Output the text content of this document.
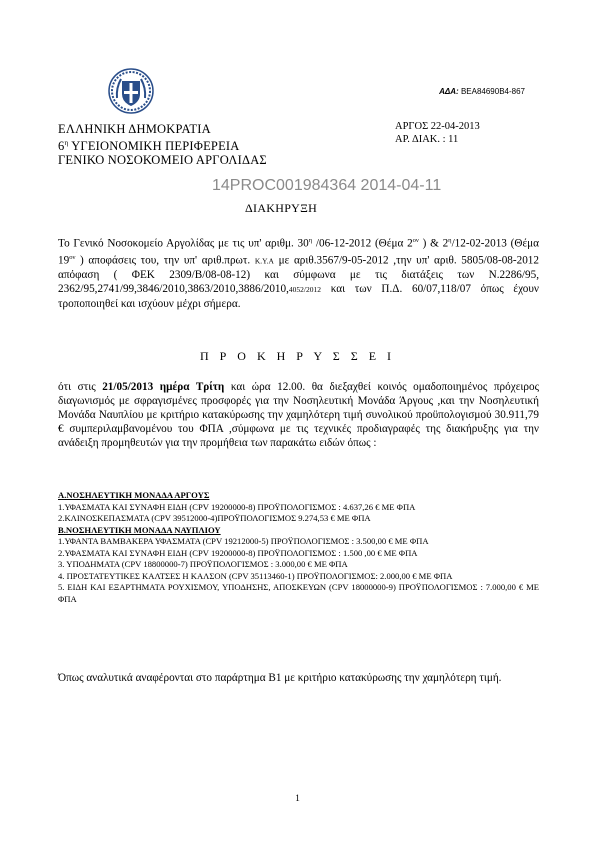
ΑΔΑ: ΒΕΑ84690Β4-867
ΕΛΛΗΝΙΚΗ ΔΗΜΟΚΡΑΤΙΑ
$6^\eta$ ΥΓΕΙΟΝΟΜΙΚΗ ΠΕΡΙΦΕΡΕΙΑ
ΓΕΝΙΚΟ ΝΟΣΟΚΟΜΕΙΟ ΑΡΓΟΛΙΔΑΣ
ΑΡΓΟΣ 22-04-2013
ΑΡ. ΔΙΑΚ. : 11
14PROC001984364 2014-04-11
ΔΙΑΚΗΡΥΞΗ
Το Γενικό Νοσοκομείο Αργολίδας με τις υπ' αριθμ. $30^\eta$ /06-12-2012 (Θέμα $2^{o\nu}$ ) & $2^\eta/12-02-2013$ (Θέμα $19^{o\nu}$ ) αποφάσεις του, την υπ' αριθ.πρωτ. Κ.Υ.Α με αριθ.3567/9-05-2012 ,την υπ' αριθ. 5805/08-08-2012 απόφαση ( ΦΕΚ 2309/Β/08-08-12) και σύμφωνα με τις διατάξεις των Ν.2286/95, 2362/95,2741/99,3846/2010,3863/2010,3886/2010,4052/2012 και των Π.Δ. 60/07,118/07 όπως έχουν τροποποιηθεί και ισχύουν μέχρι σήμερα.
Π Ρ Ο Κ Η Ρ Υ Σ Σ Ε Ι
ότι στις 21/05/2013 ημέρα Τρίτη και ώρα 12.00. θα διεξαχθεί κοινός ομαδοποιημένος πρόχειρος διαγωνισμός με σφραγισμένες προσφορές για την Νοσηλευτική Μονάδα Άργους ,και την Νοσηλευτική Μονάδα Ναυπλίου με κριτήριο κατακύρωσης την χαμηλότερη τιμή συνολικού προϋπολογισμού 30.911,79 € συμπεριλαμβανομένου του ΦΠΑ ,σύμφωνα με τις τεχνικές προδιαγραφές της διακήρυξης για την ανάδειξη προμηθευτών για την προμήθεια των παρακάτω ειδών όπως :
Α.ΝΟΣΗΛΕΥΤΙΚΗ ΜΟΝΑΔΑ ΑΡΓΟΥΣ
1.ΥΦΑΣΜΑΤΑ ΚΑΙ ΣΥΝΑΦΗ ΕΙΔΗ (CPV 19200000-8) ΠΡΟΫΠΟΛΟΓΙΣΜΟΣ : 4.637,26 € ΜΕ ΦΠΑ
2.ΚΛΙΝΟΣΚΕΠΑΣΜΑΤΑ (CPV 39512000-4)ΠΡΟΫΠΟΛΟΓΙΣΜΟΣ 9.274,53 € ΜΕ ΦΠΑ
Β.ΝΟΣΗΛΕΥΤΙΚΗ ΜΟΝΑΔΑ ΝΑΥΠΛΙΟΥ
1.ΥΦΑΝΤΑ ΒΑΜΒΑΚΕΡΑ ΥΦΑΣΜΑΤΑ (CPV 19212000-5) ΠΡΟΫΠΟΛΟΓΙΣΜΟΣ : 3.500,00 € ΜΕ ΦΠΑ
2.ΥΦΑΣΜΑΤΑ ΚΑΙ ΣΥΝΑΦΗ ΕΙΔΗ (CPV 19200000-8) ΠΡΟΫΠΟΛΟΓΙΣΜΟΣ : 1.500 ,00 € ΜΕ ΦΠΑ
3. ΥΠΟΔΗΜΑΤΑ (CPV 18800000-7) ΠΡΟΫΠΟΛΟΓΙΣΜΟΣ : 3.000,00 € ΜΕ ΦΠΑ
4. ΠΡΟΣΤΑΤΕΥΤΙΚΕΣ ΚΑΛΤΣΕΣ Η ΚΑΛΣΟΝ (CPV 35113460-1) ΠΡΟΫΠΟΛΟΓΙΣΜΟΣ: 2.000,00 € ΜΕ ΦΠΑ
5. ΕΙΔΗ ΚΑΙ ΕΞΑΡΤΗΜΑΤΑ ΡΟΥΧΙΣΜΟΥ, ΥΠΟΔΗΣΗΣ, ΑΠΟΣΚΕΥΩΝ (CPV 18000000-9) ΠΡΟΫΠΟΛΟΓΙΣΜΟΣ : 7.000,00 € ΜΕ ΦΠΑ
Όπως αναλυτικά αναφέρονται στο παράρτημα Β1 με κριτήριο κατακύρωσης την χαμηλότερη τιμή.
1
